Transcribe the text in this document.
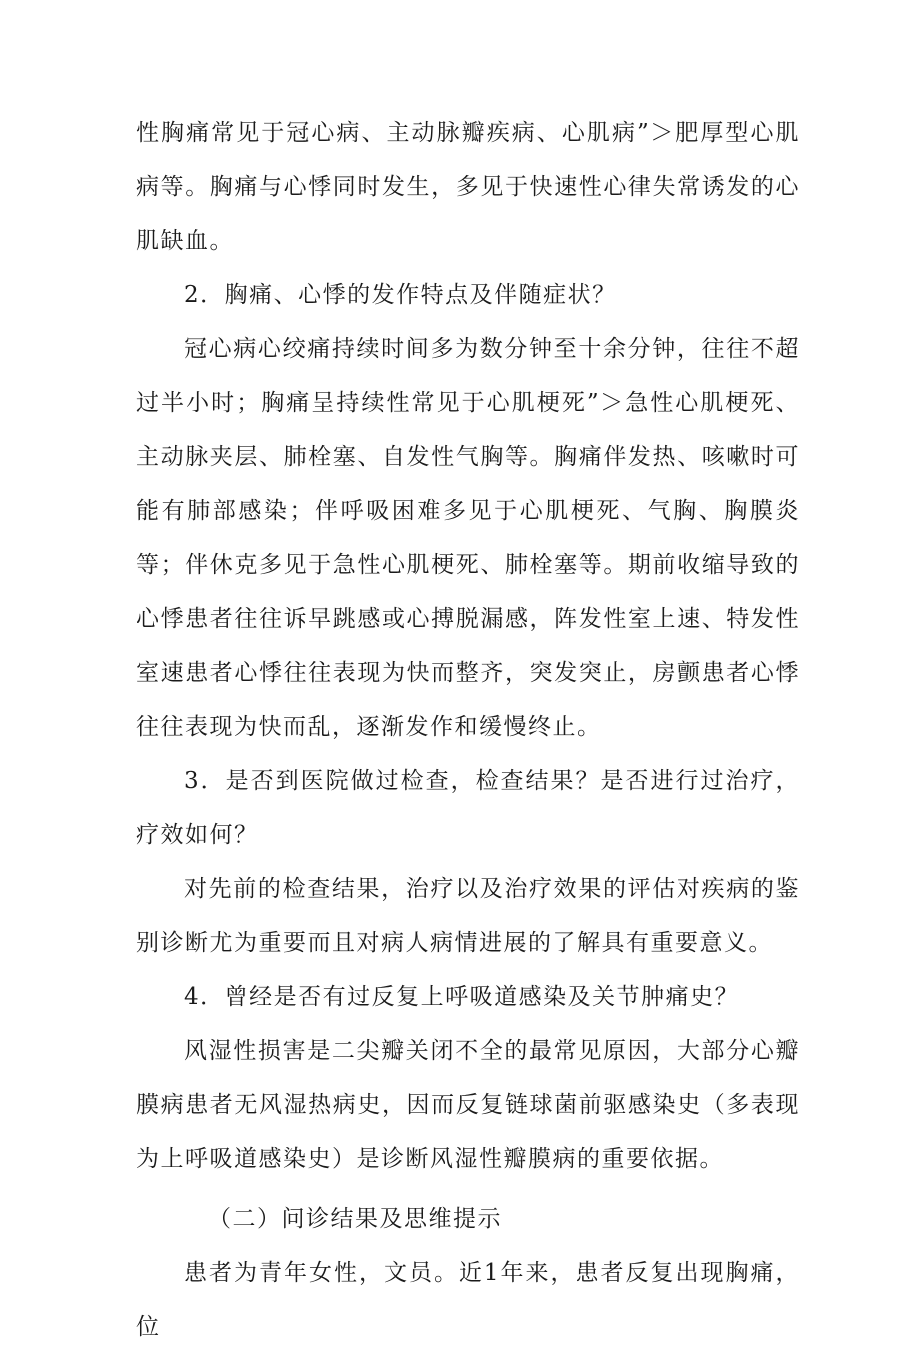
性胸痛常见于冠心病、主动脉瓣疾病、心肌病”＞肥厚型心肌病等。胸痛与心悸同时发生，多见于快速性心律失常诱发的心肌缺血。

2．胸痛、心悸的发作特点及伴随症状？

冠心病心绞痛持续时间多为数分钟至十余分钟，往往不超过半小时；胸痛呈持续性常见于心肌梗死”＞急性心肌梗死、主动脉夹层、肺栓塞、自发性气胸等。胸痛伴发热、咳嗽时可能有肺部感染；伴呼吸困难多见于心肌梗死、气胸、胸膜炎等；伴休克多见于急性心肌梗死、肺栓塞等。期前收缩导致的心悸患者往往诉早跳感或心搏脱漏感，阵发性室上速、特发性室速患者心悸往往表现为快而整齐，突发突止，房颤患者心悸往往表现为快而乱，逐渐发作和缓慢终止。

3．是否到医院做过检查，检查结果？是否进行过治疗，疗效如何？

对先前的检查结果，治疗以及治疗效果的评估对疾病的鉴别诊断尤为重要而且对病人病情进展的了解具有重要意义。

4．曾经是否有过反复上呼吸道感染及关节肿痛史？

风湿性损害是二尖瓣关闭不全的最常见原因，大部分心瓣膜病患者无风湿热病史，因而反复链球菌前驱感染史（多表现为上呼吸道感染史）是诊断风湿性瓣膜病的重要依据。

（二）问诊结果及思维提示

患者为青年女性，文员。近1年来，患者反复出现胸痛，位
